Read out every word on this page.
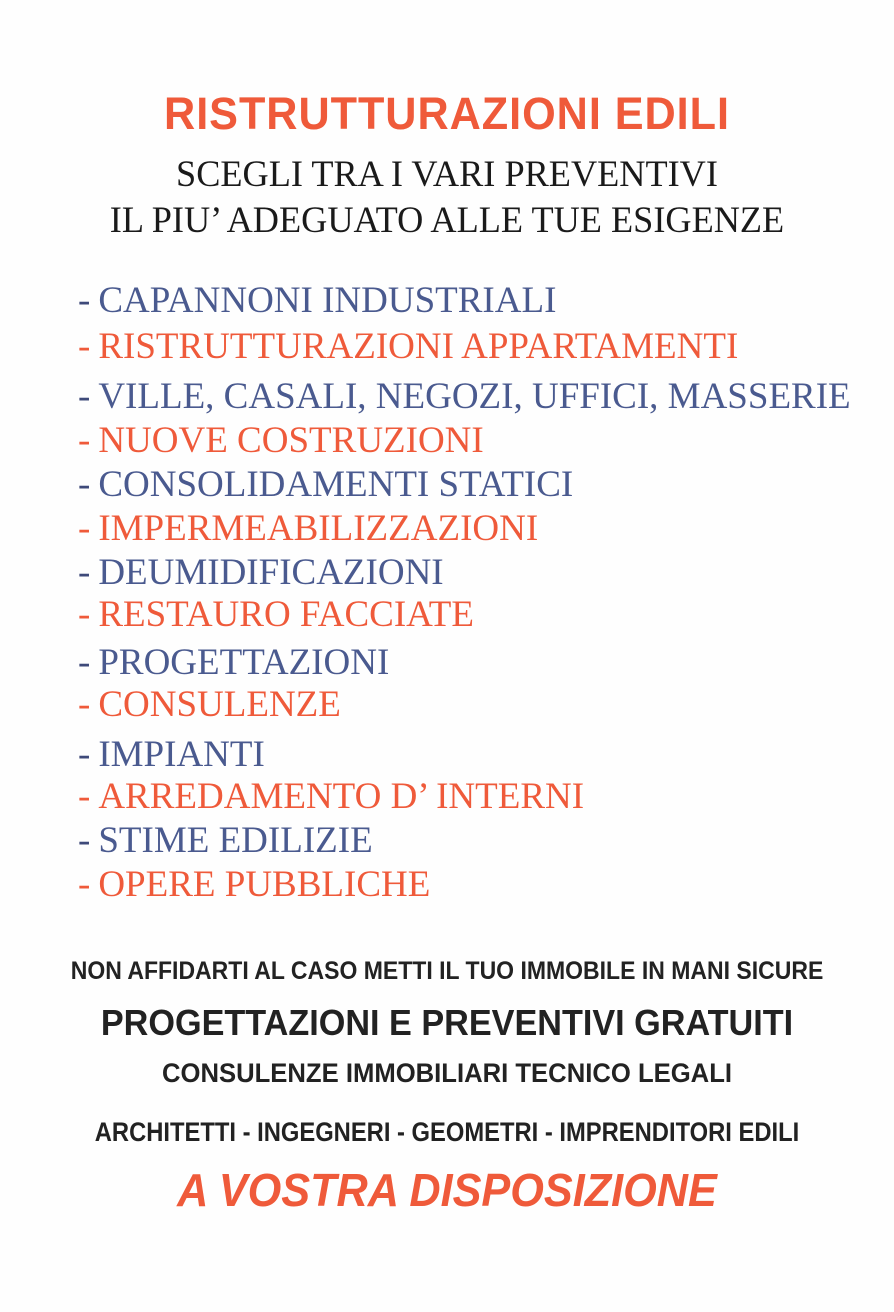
RISTRUTTURAZIONI EDILI
SCEGLI TRA I VARI PREVENTIVI
IL PIU’ ADEGUATO ALLE TUE ESIGENZE
- CAPANNONI INDUSTRIALI
- RISTRUTTURAZIONI APPARTAMENTI
- VILLE, CASALI, NEGOZI, UFFICI, MASSERIE
- NUOVE COSTRUZIONI
- CONSOLIDAMENTI STATICI
- IMPERMEABILIZZAZIONI
- DEUMIDIFICAZIONI
- RESTAURO FACCIATE
- PROGETTAZIONI
- CONSULENZE
- IMPIANTI
- ARREDAMENTO D’ INTERNI
- STIME EDILIZIE
- OPERE PUBBLICHE
NON AFFIDARTI AL CASO METTI IL TUO IMMOBILE IN MANI SICURE
PROGETTAZIONI E PREVENTIVI GRATUITI
CONSULENZE IMMOBILIARI TECNICO LEGALI
ARCHITETTI - INGEGNERI - GEOMETRI - IMPRENDITORI EDILI
A VOSTRA DISPOSIZIONE
